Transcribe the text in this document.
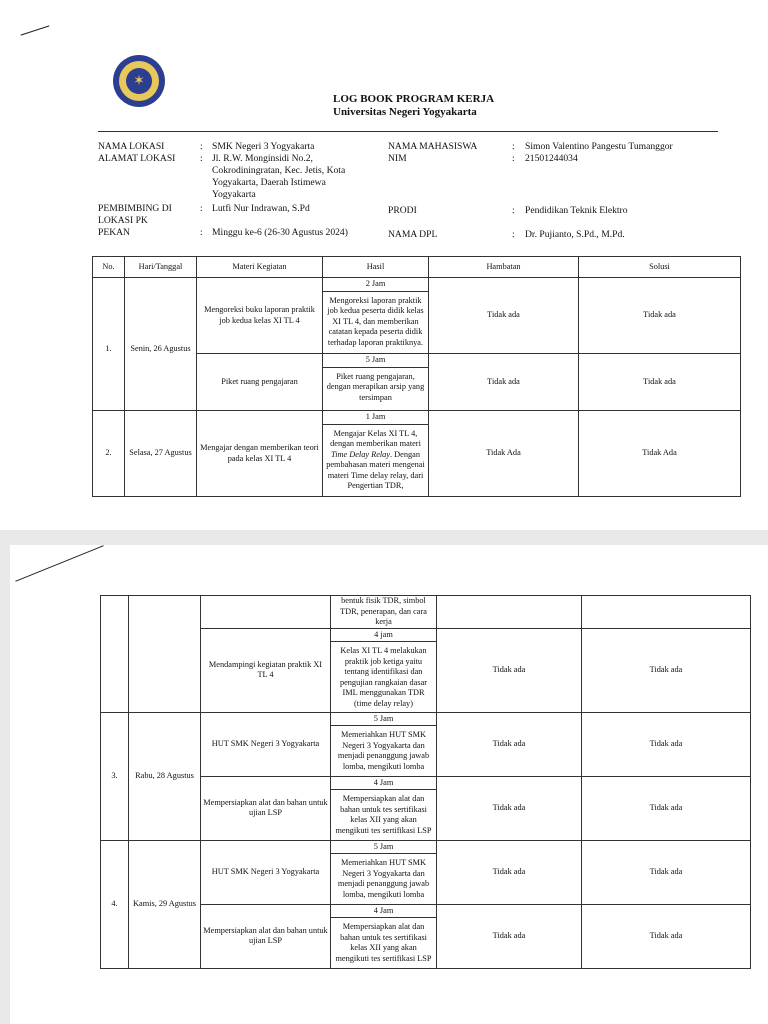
✶
LOG BOOK PROGRAM KERJA
Universitas Negeri Yogyakarta
NAMA LOKASI	: SMK Negeri 3 Yogyakarta
ALAMAT LOKASI	: Jl. R.W. Monginsidi No.2,
Cokrodiningratan, Kec. Jetis, Kota
Yogyakarta, Daerah Istimewa
Yogyakarta
PEMBIMBING DI
LOKASI PK
: Lutfi Nur Indrawan, S.Pd
PEKAN	: Minggu ke-6 (26-30 Agustus 2024)
NAMA MAHASISWA	: Simon Valentino Pangestu Tumanggor
NIM	: 21501244034
PRODI	: Pendidikan Teknik Elektro
NAMA DPL	: Dr. Pujianto, S.Pd., M.Pd.
No.	Hari/Tanggal	Materi Kegiatan	Hasil	Hambatan	Solusi
1.	Senin, 26 Agustus	Mengoreksi buku laporan praktik job kedua kelas XI TL 4	2 Jam
Mengoreksi laporan praktik job kedua peserta didik kelas XI TL 4, dan memberikan catatan kepada peserta didik terhadap laporan praktiknya.	Tidak ada	Tidak ada
		Piket ruang pengajaran	5 Jam
Piket ruang pengajaran, dengan merapikan arsip yang tersimpan	Tidak ada	Tidak ada
2.	Selasa, 27 Agustus	Mengajar dengan memberikan teori pada kelas XI TL 4	1 Jam
Mengajar Kelas XI TL 4, dengan memberikan materi Time Delay Relay. Dengan pembahasan materi mengenai materi Time delay relay, dari Pengertian TDR,	Tidak Ada	Tidak Ada
			bentuk fisik TDR, simbol TDR, penerapan, dan cara kerja		
		Mendampingi kegiatan praktik XI TL 4	4 jam
Kelas XI TL 4 melakukan praktik job ketiga yaitu tentang identifikasi dan pengujian rangkaian dasar IML menggunakan TDR (time delay relay)	Tidak ada	Tidak ada
3.	Rabu, 28 Agustus	HUT SMK Negeri 3 Yogyakarta	5 Jam
Memeriahkan HUT SMK Negeri 3 Yogyakarta dan menjadi penanggung jawab lomba, mengikuti lomba	Tidak ada	Tidak ada
		Mempersiapkan alat dan bahan untuk ujian LSP	4 Jam
Mempersiapkan alat dan bahan untuk tes sertifikasi kelas XII yang akan mengikuti tes sertifikasi LSP	Tidak ada	Tidak ada
4.	Kamis, 29 Agustus	HUT SMK Negeri 3 Yogyakarta	5 Jam
Memeriahkan HUT SMK Negeri 3 Yogyakarta dan menjadi penanggung jawab lomba, mengikuti lomba	Tidak ada	Tidak ada
		Mempersiapkan alat dan bahan untuk ujian LSP	4 Jam
Mempersiapkan alat dan bahan untuk tes sertifikasi kelas XII yang akan mengikuti tes sertifikasi LSP	Tidak ada	Tidak ada
